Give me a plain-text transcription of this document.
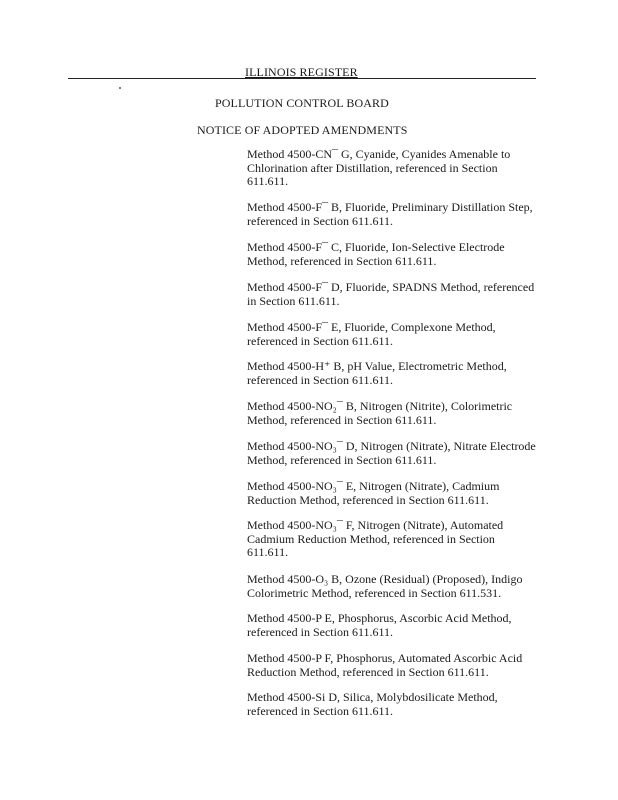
ILLINOIS REGISTER
POLLUTION CONTROL BOARD
NOTICE OF ADOPTED AMENDMENTS

Method 4500-CN¯ G, Cyanide, Cyanides Amenable to Chlorination after Distillation, referenced in Section 611.611.

Method 4500-F¯ B, Fluoride, Preliminary Distillation Step, referenced in Section 611.611.

Method 4500-F¯ C, Fluoride, Ion-Selective Electrode Method, referenced in Section 611.611.

Method 4500-F¯ D, Fluoride, SPADNS Method, referenced in Section 611.611.

Method 4500-F¯ E, Fluoride, Complexone Method, referenced in Section 611.611.

Method 4500-H⁺ B, pH Value, Electrometric Method, referenced in Section 611.611.

Method 4500-NO₂¯ B, Nitrogen (Nitrite), Colorimetric Method, referenced in Section 611.611.

Method 4500-NO₃¯ D, Nitrogen (Nitrate), Nitrate Electrode Method, referenced in Section 611.611.

Method 4500-NO₃¯ E, Nitrogen (Nitrate), Cadmium Reduction Method, referenced in Section 611.611.

Method 4500-NO₃¯ F, Nitrogen (Nitrate), Automated Cadmium Reduction Method, referenced in Section 611.611.

Method 4500-O₃ B, Ozone (Residual) (Proposed), Indigo Colorimetric Method, referenced in Section 611.531.

Method 4500-P E, Phosphorus, Ascorbic Acid Method, referenced in Section 611.611.

Method 4500-P F, Phosphorus, Automated Ascorbic Acid Reduction Method, referenced in Section 611.611.

Method 4500-Si D, Silica, Molybdosilicate Method, referenced in Section 611.611.
